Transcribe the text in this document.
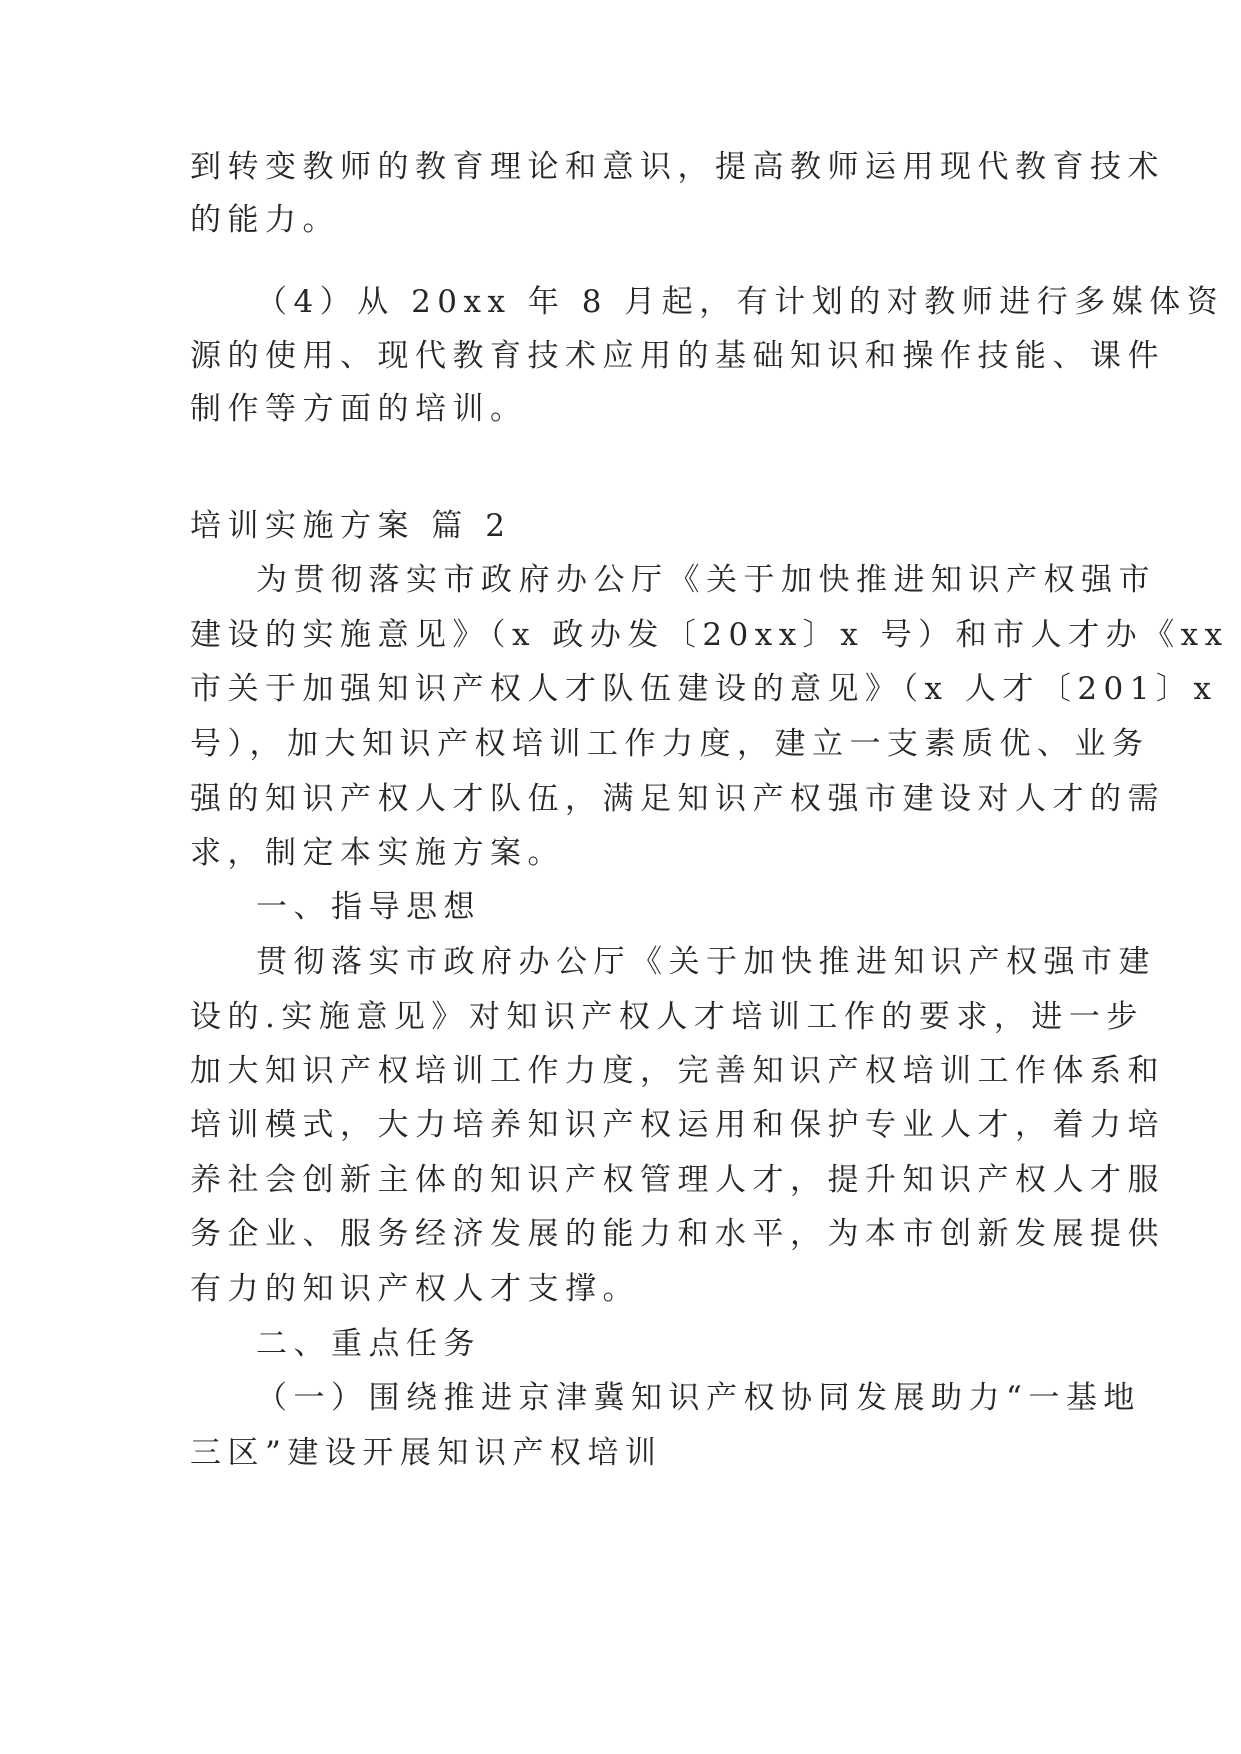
到转变教师的教育理论和意识，提高教师运用现代教育技术

的能力。

（4）从 20xx 年 8 月起，有计划的对教师进行多媒体资

源的使用、现代教育技术应用的基础知识和操作技能、课件

制作等方面的培训。

培训实施方案 篇 2

为贯彻落实市政府办公厅《关于加快推进知识产权强市

建设的实施意见》（x 政办发〔20xx〕x 号）和市人才办《xx

市关于加强知识产权人才队伍建设的意见》（x 人才〔201〕x

号），加大知识产权培训工作力度，建立一支素质优、业务

强的知识产权人才队伍，满足知识产权强市建设对人才的需

求，制定本实施方案。

一、指导思想

贯彻落实市政府办公厅《关于加快推进知识产权强市建

设的.实施意见》对知识产权人才培训工作的要求，进一步

加大知识产权培训工作力度，完善知识产权培训工作体系和

培训模式，大力培养知识产权运用和保护专业人才，着力培

养社会创新主体的知识产权管理人才，提升知识产权人才服

务企业、服务经济发展的能力和水平，为本市创新发展提供

有力的知识产权人才支撑。

二、重点任务

（一）围绕推进京津冀知识产权协同发展助力“一基地

三区”建设开展知识产权培训
